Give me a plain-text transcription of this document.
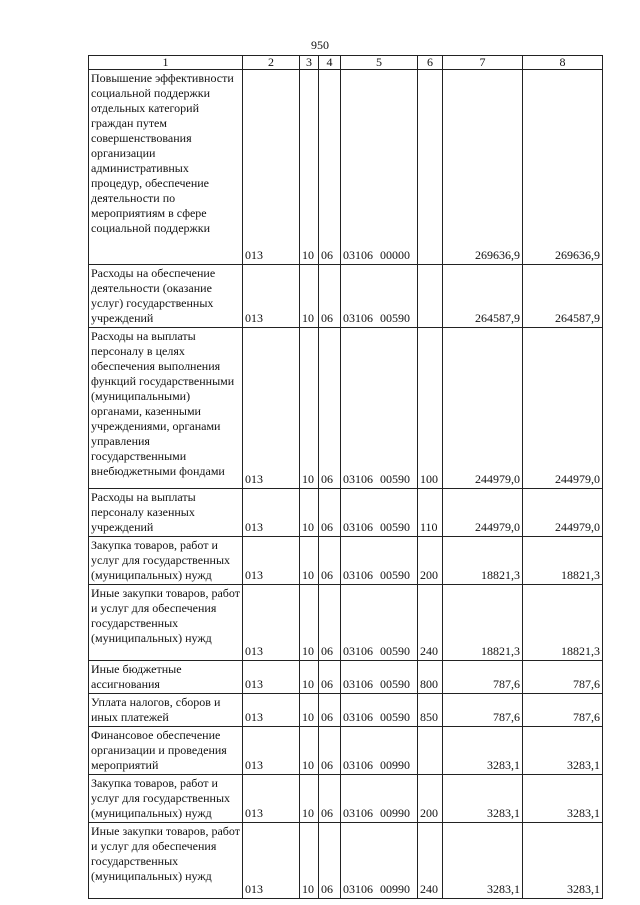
950
1	2	3	4	5	6	7	8
Повышение эффективности социальной поддержки отдельных категорий граждан путем совершенствования организации административных процедур, обеспечение деятельности по мероприятиям в сфере социальной поддержки	013	10	06	03106 00000		269636,9	269636,9
Расходы на обеспечение деятельности (оказание услуг) государственных учреждений	013	10	06	03106 00590		264587,9	264587,9
Расходы на выплаты персоналу в целях обеспечения выполнения функций государственными (муниципальными) органами, казенными учреждениями, органами управления государственными внебюджетными фондами	013	10	06	03106 00590	100	244979,0	244979,0
Расходы на выплаты персоналу казенных учреждений	013	10	06	03106 00590	110	244979,0	244979,0
Закупка товаров, работ и услуг для государственных (муниципальных) нужд	013	10	06	03106 00590	200	18821,3	18821,3
Иные закупки товаров, работ и услуг для обеспечения государственных (муниципальных) нужд	013	10	06	03106 00590	240	18821,3	18821,3
Иные бюджетные ассигнования	013	10	06	03106 00590	800	787,6	787,6
Уплата налогов, сборов и иных платежей	013	10	06	03106 00590	850	787,6	787,6
Финансовое обеспечение организации и проведения мероприятий	013	10	06	03106 00990		3283,1	3283,1
Закупка товаров, работ и услуг для государственных (муниципальных) нужд	013	10	06	03106 00990	200	3283,1	3283,1
Иные закупки товаров, работ и услуг для обеспечения государственных (муниципальных) нужд	013	10	06	03106 00990	240	3283,1	3283,1
